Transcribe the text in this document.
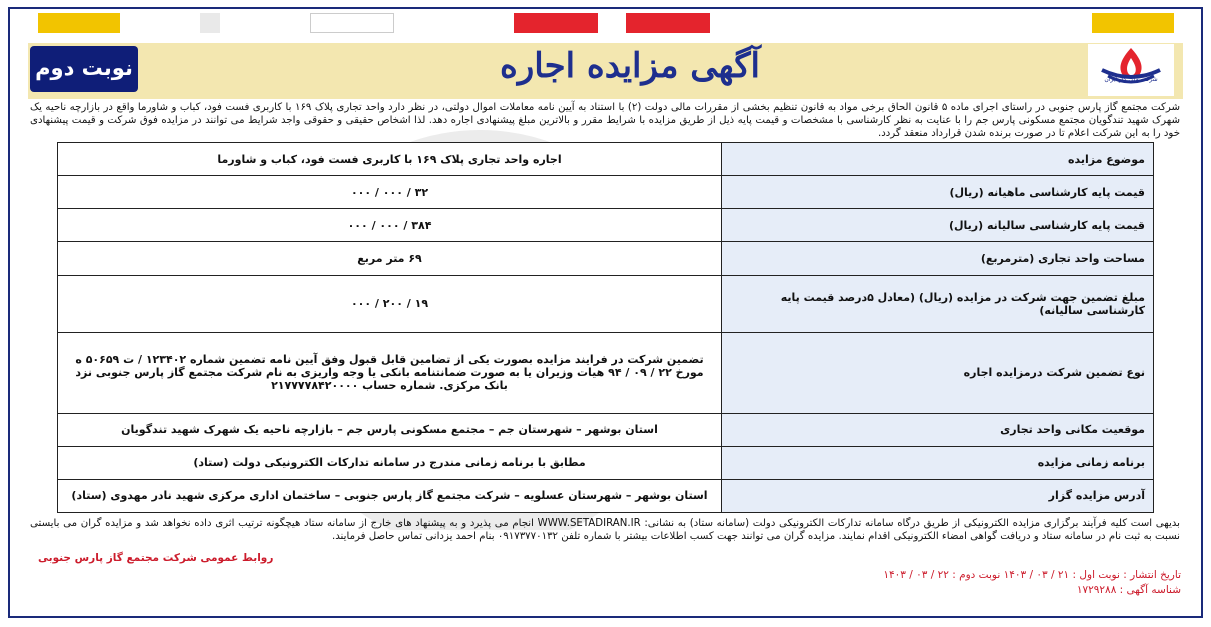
شرکت ملی گاز ایران
آگهی مزایده اجاره
نوبت دوم
شرکت مجتمع گاز پارس جنوبی در راستای اجرای ماده ۵ قانون الحاق برخی مواد به قانون تنظیم بخشی از مقررات مالی دولت (۲) با استناد به آیین نامه معاملات اموال دولتی، در نظر دارد واحد تجاری پلاک ۱۶۹ با کاربری فست فود، کباب و شاورما واقع در بازارچه ناحیه یک شهرک شهید تندگویان مجتمع مسکونی پارس جم را با عنایت به نظر کارشناسی با مشخصات و قیمت پایه ذیل از طریق مزایده با شرایط مقرر و بالاترین مبلغ پیشنهادی اجاره دهد. لذا اشخاص حقیقی و حقوقی واجد شرایط می توانند در مزایده فوق شرکت و قیمت پیشنهادی خود را به این شرکت اعلام تا در صورت برنده شدن قرارداد منعقد گردد.
موضوع مزایده	اجاره واحد تجاری پلاک ۱۶۹ با کاربری فست فود، کباب و شاورما
قیمت پایه کارشناسی ماهیانه (ریال)	۳۲ / ۰۰۰ / ۰۰۰
قیمت پایه کارشناسی سالیانه (ریال)	۳۸۴ / ۰۰۰ / ۰۰۰
مساحت واحد تجاری (مترمربع)	۶۹ متر مربع
مبلغ تضمین جهت شرکت در مزایده (ریال) (معادل ۵درصد قیمت پایه کارشناسی سالیانه)	۱۹ / ۲۰۰ / ۰۰۰
نوع تضمین شرکت درمزایده اجاره	تضمین شرکت در فرایند مزایده بصورت یکی از تضامین قابل قبول وفق آیین نامه تضمین شماره ۱۲۳۴۰۲ / ت ۵۰۶۵۹ ه مورخ ۲۲ / ۰۹ / ۹۴ هیات وزیران یا به صورت ضمانتنامه بانکی یا وجه واریزی به نام شرکت مجتمع گاز پارس جنوبی نزد بانک مرکزی. شماره حساب ۲۱۷۷۷۷۸۴۲۰۰۰۰
موقعیت مکانی واحد تجاری	استان بوشهر – شهرستان جم – مجتمع مسکونی پارس جم – بازارچه ناحیه یک شهرک شهید تندگویان
برنامه زمانی مزایده	مطابق با برنامه زمانی مندرج در سامانه تدارکات الکترونیکی دولت (ستاد)
آدرس مزایده گزار	استان بوشهر – شهرستان عسلویه – شرکت مجتمع گاز پارس جنوبی – ساختمان اداری مرکزی شهید نادر مهدوی (ستاد)
بدیهی است کلیه فرآیند برگزاری مزایده الکترونیکی از طریق درگاه سامانه تدارکات الکترونیکی دولت (سامانه ستاد) به نشانی: WWW.SETADIRAN.IR انجام می پذیرد و به پیشنهاد های خارج از سامانه ستاد هیچگونه ترتیب اثری داده نخواهد شد و مزایده گران می بایستی نسبت به ثبت نام در سامانه ستاد و دریافت گواهی امضاء الکترونیکی اقدام نمایند. مزایده گران می توانند جهت کسب اطلاعات بیشتر با شماره تلفن ۰۹۱۷۳۷۷۰۱۳۲ بنام احمد یزدانی تماس حاصل فرمایند.
روابط عمومی شرکت مجتمع گاز پارس جنوبی
تاریخ انتشار : نوبت اول : ۲۱ / ۰۳ / ۱۴۰۳ نوبت دوم : ۲۲ / ۰۳ / ۱۴۰۳
شناسه آگهی : ۱۷۲۹۲۸۸
